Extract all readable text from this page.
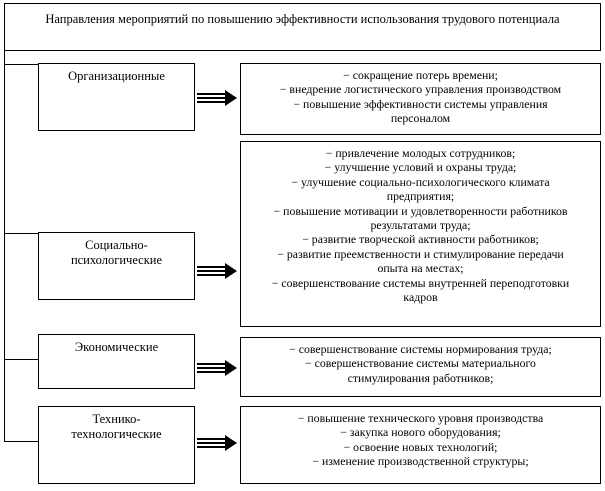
Направления мероприятий по повышению эффективности использования трудового потенциала
Организационные	− сокращение потерь времени;
− внедрение логистического управления производством
− повышение эффективности системы управления
персоналом
Социально-
психологические
− привлечение молодых сотрудников;
− улучшение условий и охраны труда;
− улучшение социально-психологического климата
предприятия;
− повышение мотивации и удовлетворенности работников
результатами труда;
− развитие творческой активности работников;
− развитие преемственности и стимулирование передачи
опыта на местах;
− совершенствование системы внутренней переподготовки
кадров
Экономические	− совершенствование системы нормирования труда;
− совершенствование системы материального
стимулирования работников;
Технико-
технологические
− повышение технического уровня производства
− закупка нового оборудования;
− освоение новых технологий;
− изменение производственной структуры;
